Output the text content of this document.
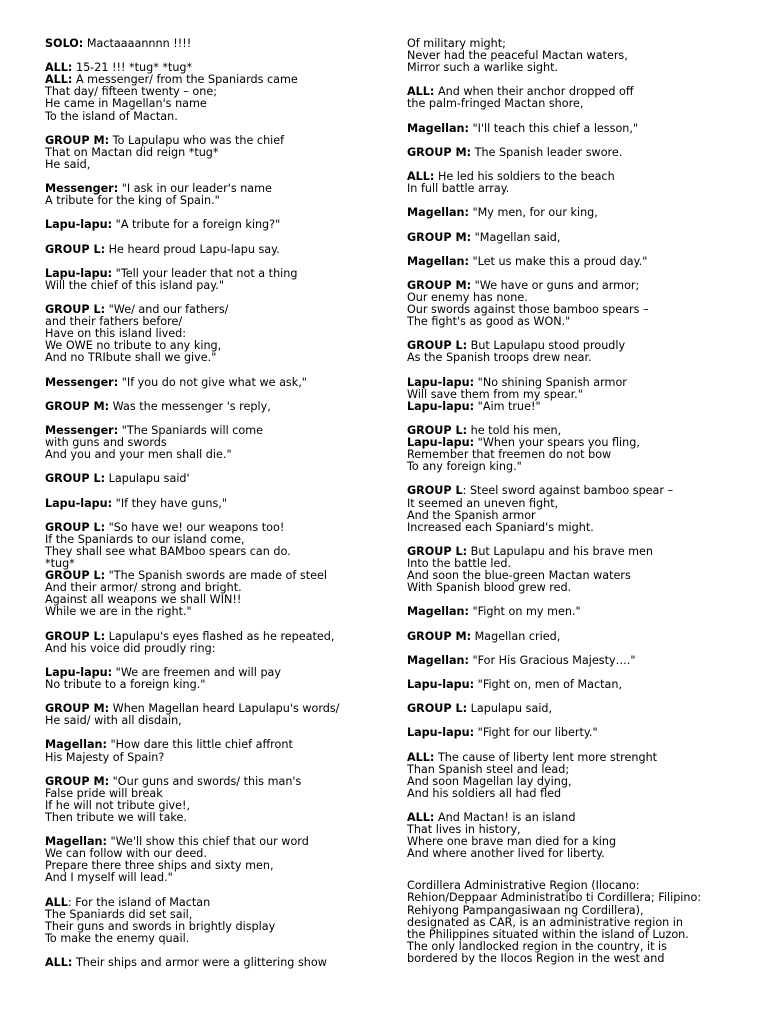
SOLO: Mactaaaannnn !!!!
ALL: 15-21 !!! *tug* *tug*
ALL: A messenger/ from the Spaniards came
That day/ fifteen twenty – one;
He came in Magellan's name
To the island of Mactan.
GROUP M: To Lapulapu who was the chief
That on Mactan did reign *tug*
He said,
Messenger: "I ask in our leader's name
A tribute for the king of Spain."
Lapu-lapu: "A tribute for a foreign king?"
GROUP L: He heard proud Lapu-lapu say.
Lapu-lapu: "Tell your leader that not a thing
Will the chief of this island pay."
GROUP L: "We/ and our fathers/
and their fathers before/
Have on this island lived:
We OWE no tribute to any king,
And no TRIbute shall we give."
Messenger: "If you do not give what we ask,"
GROUP M: Was the messenger 's reply,
Messenger: "The Spaniards will come
with guns and swords
And you and your men shall die."
GROUP L: Lapulapu said'
Lapu-lapu: "If they have guns,"
GROUP L: "So have we! our weapons too!
If the Spaniards to our island come,
They shall see what BAMboo spears can do.
*tug*
GROUP L: "The Spanish swords are made of steel
And their armor/ strong and bright.
Against all weapons we shall WIN!!
While we are in the right."
GROUP L: Lapulapu's eyes flashed as he repeated,
And his voice did proudly ring:
Lapu-lapu: "We are freemen and will pay
No tribute to a foreign king."
GROUP M: When Magellan heard Lapulapu's words/
He said/ with all disdain,
Magellan: "How dare this little chief affront
His Majesty of Spain?
GROUP M: "Our guns and swords/ this man's
False pride will break
If he will not tribute give!,
Then tribute we will take.
Magellan: "We'll show this chief that our word
We can follow with our deed.
Prepare there three ships and sixty men,
And I myself will lead."
ALL: For the island of Mactan
The Spaniards did set sail,
Their guns and swords in brightly display
To make the enemy quail.
ALL: Their ships and armor were a glittering show
Of military might;
Never had the peaceful Mactan waters,
Mirror such a warlike sight.
ALL: And when their anchor dropped off
the palm-fringed Mactan shore,
Magellan: "I'll teach this chief a lesson,"
GROUP M: The Spanish leader swore.
ALL: He led his soldiers to the beach
In full battle array.
Magellan: "My men, for our king,
GROUP M: "Magellan said,
Magellan: "Let us make this a proud day."
GROUP M: "We have or guns and armor;
Our enemy has none.
Our swords against those bamboo spears –
The fight's as good as WON."
GROUP L: But Lapulapu stood proudly
As the Spanish troops drew near.
Lapu-lapu: "No shining Spanish armor
Will save them from my spear."
Lapu-lapu: "Aim true!"
GROUP L: he told his men,
Lapu-lapu: "When your spears you fling,
Remember that freemen do not bow
To any foreign king."
GROUP L: Steel sword against bamboo spear –
It seemed an uneven fight,
And the Spanish armor
Increased each Spaniard's might.
GROUP L: But Lapulapu and his brave men
Into the battle led.
And soon the blue-green Mactan waters
With Spanish blood grew red.
Magellan: "Fight on my men."
GROUP M: Magellan cried,
Magellan: "For His Gracious Majesty…."
Lapu-lapu: "Fight on, men of Mactan,
GROUP L: Lapulapu said,
Lapu-lapu: "Fight for our liberty."
ALL: The cause of liberty lent more strenght
Than Spanish steel and lead;
And soon Magellan lay dying,
And his soldiers all had fled
ALL: And Mactan! is an island
That lives in history,
Where one brave man died for a king
And where another lived for liberty.
Cordillera Administrative Region (Ilocano:
Rehion/Deppaar Administratibo ti Cordillera; Filipino:
Rehiyong Pampangasiwaan ng Cordillera),
designated as CAR, is an administrative region in
the Philippines situated within the island of Luzon.
The only landlocked region in the country, it is
bordered by the Ilocos Region in the west and
